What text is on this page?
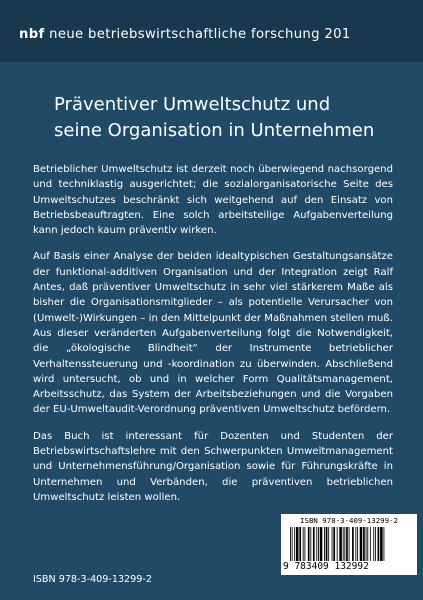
nbf neue betriebswirtschaftliche forschung 201
Präventiver Umweltschutz und
seine Organisation in Unternehmen

Betrieblicher Umweltschutz ist derzeit noch überwiegend nachsorgend und techniklastig ausgerichtet; die sozialorganisatorische Seite des Umweltschutzes beschränkt sich weitgehend auf den Einsatz von Betriebsbeauftragten. Eine solch arbeitsteilige Aufgabenverteilung kann jedoch kaum präventiv wirken.

Auf Basis einer Analyse der beiden idealtypischen Gestaltungsansätze der funktional-additiven Organisation und der Integration zeigt Ralf Antes, daß präventiver Umweltschutz in sehr viel stärkerem Maße als bisher die Organisationsmitglieder – als potentielle Verursacher von (Umwelt-)Wirkungen – in den Mittelpunkt der Maßnahmen stellen muß. Aus dieser veränderten Aufgabenverteilung folgt die Notwendigkeit, die „ökologische Blindheit“ der Instrumente betrieblicher Verhaltenssteuerung und -koordination zu überwinden. Abschließend wird untersucht, ob und in welcher Form Qualitätsmanagement, Arbeitsschutz, das System der Arbeitsbeziehungen und die Vorgaben der EU-Umweltaudit-Verordnung präventiven Umweltschutz befördern.

Das Buch ist interessant für Dozenten und Studenten der Betriebswirtschaftslehre mit den Schwerpunkten Umweltmanagement und Unternehmensführung/Organisation sowie für Führungskräfte in Unternehmen und Verbänden, die präventiven betrieblichen Umweltschutz leisten wollen.

ISBN 978-3-409-13299-2
9 783409 132992
ISBN 978-3-409-13299-2
